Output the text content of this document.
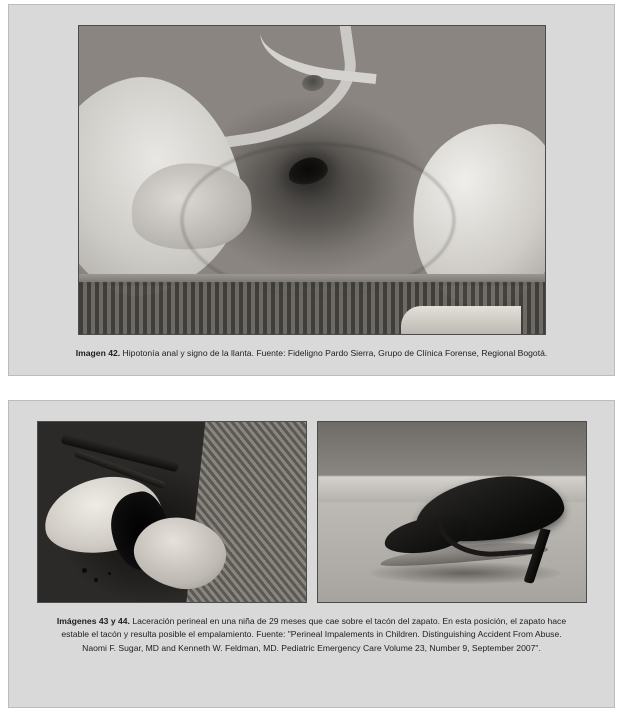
Imagen 42. Hipotonía anal y signo de la llanta. Fuente: Fideligno Pardo Sierra, Grupo de Clínica Forense, Regional Bogotá.
Imágenes 43 y 44. Laceración perineal en una niña de 29 meses que cae sobre el tacón del zapato. En esta posición, el zapato hace estable el tacón y resulta posible el empalamiento. Fuente: "Perineal Impalements in Children. Distinguishing Accident From Abuse. Naomi F. Sugar, MD and Kenneth W. Feldman, MD. Pediatric Emergency Care Volume 23, Number 9, September 2007".
